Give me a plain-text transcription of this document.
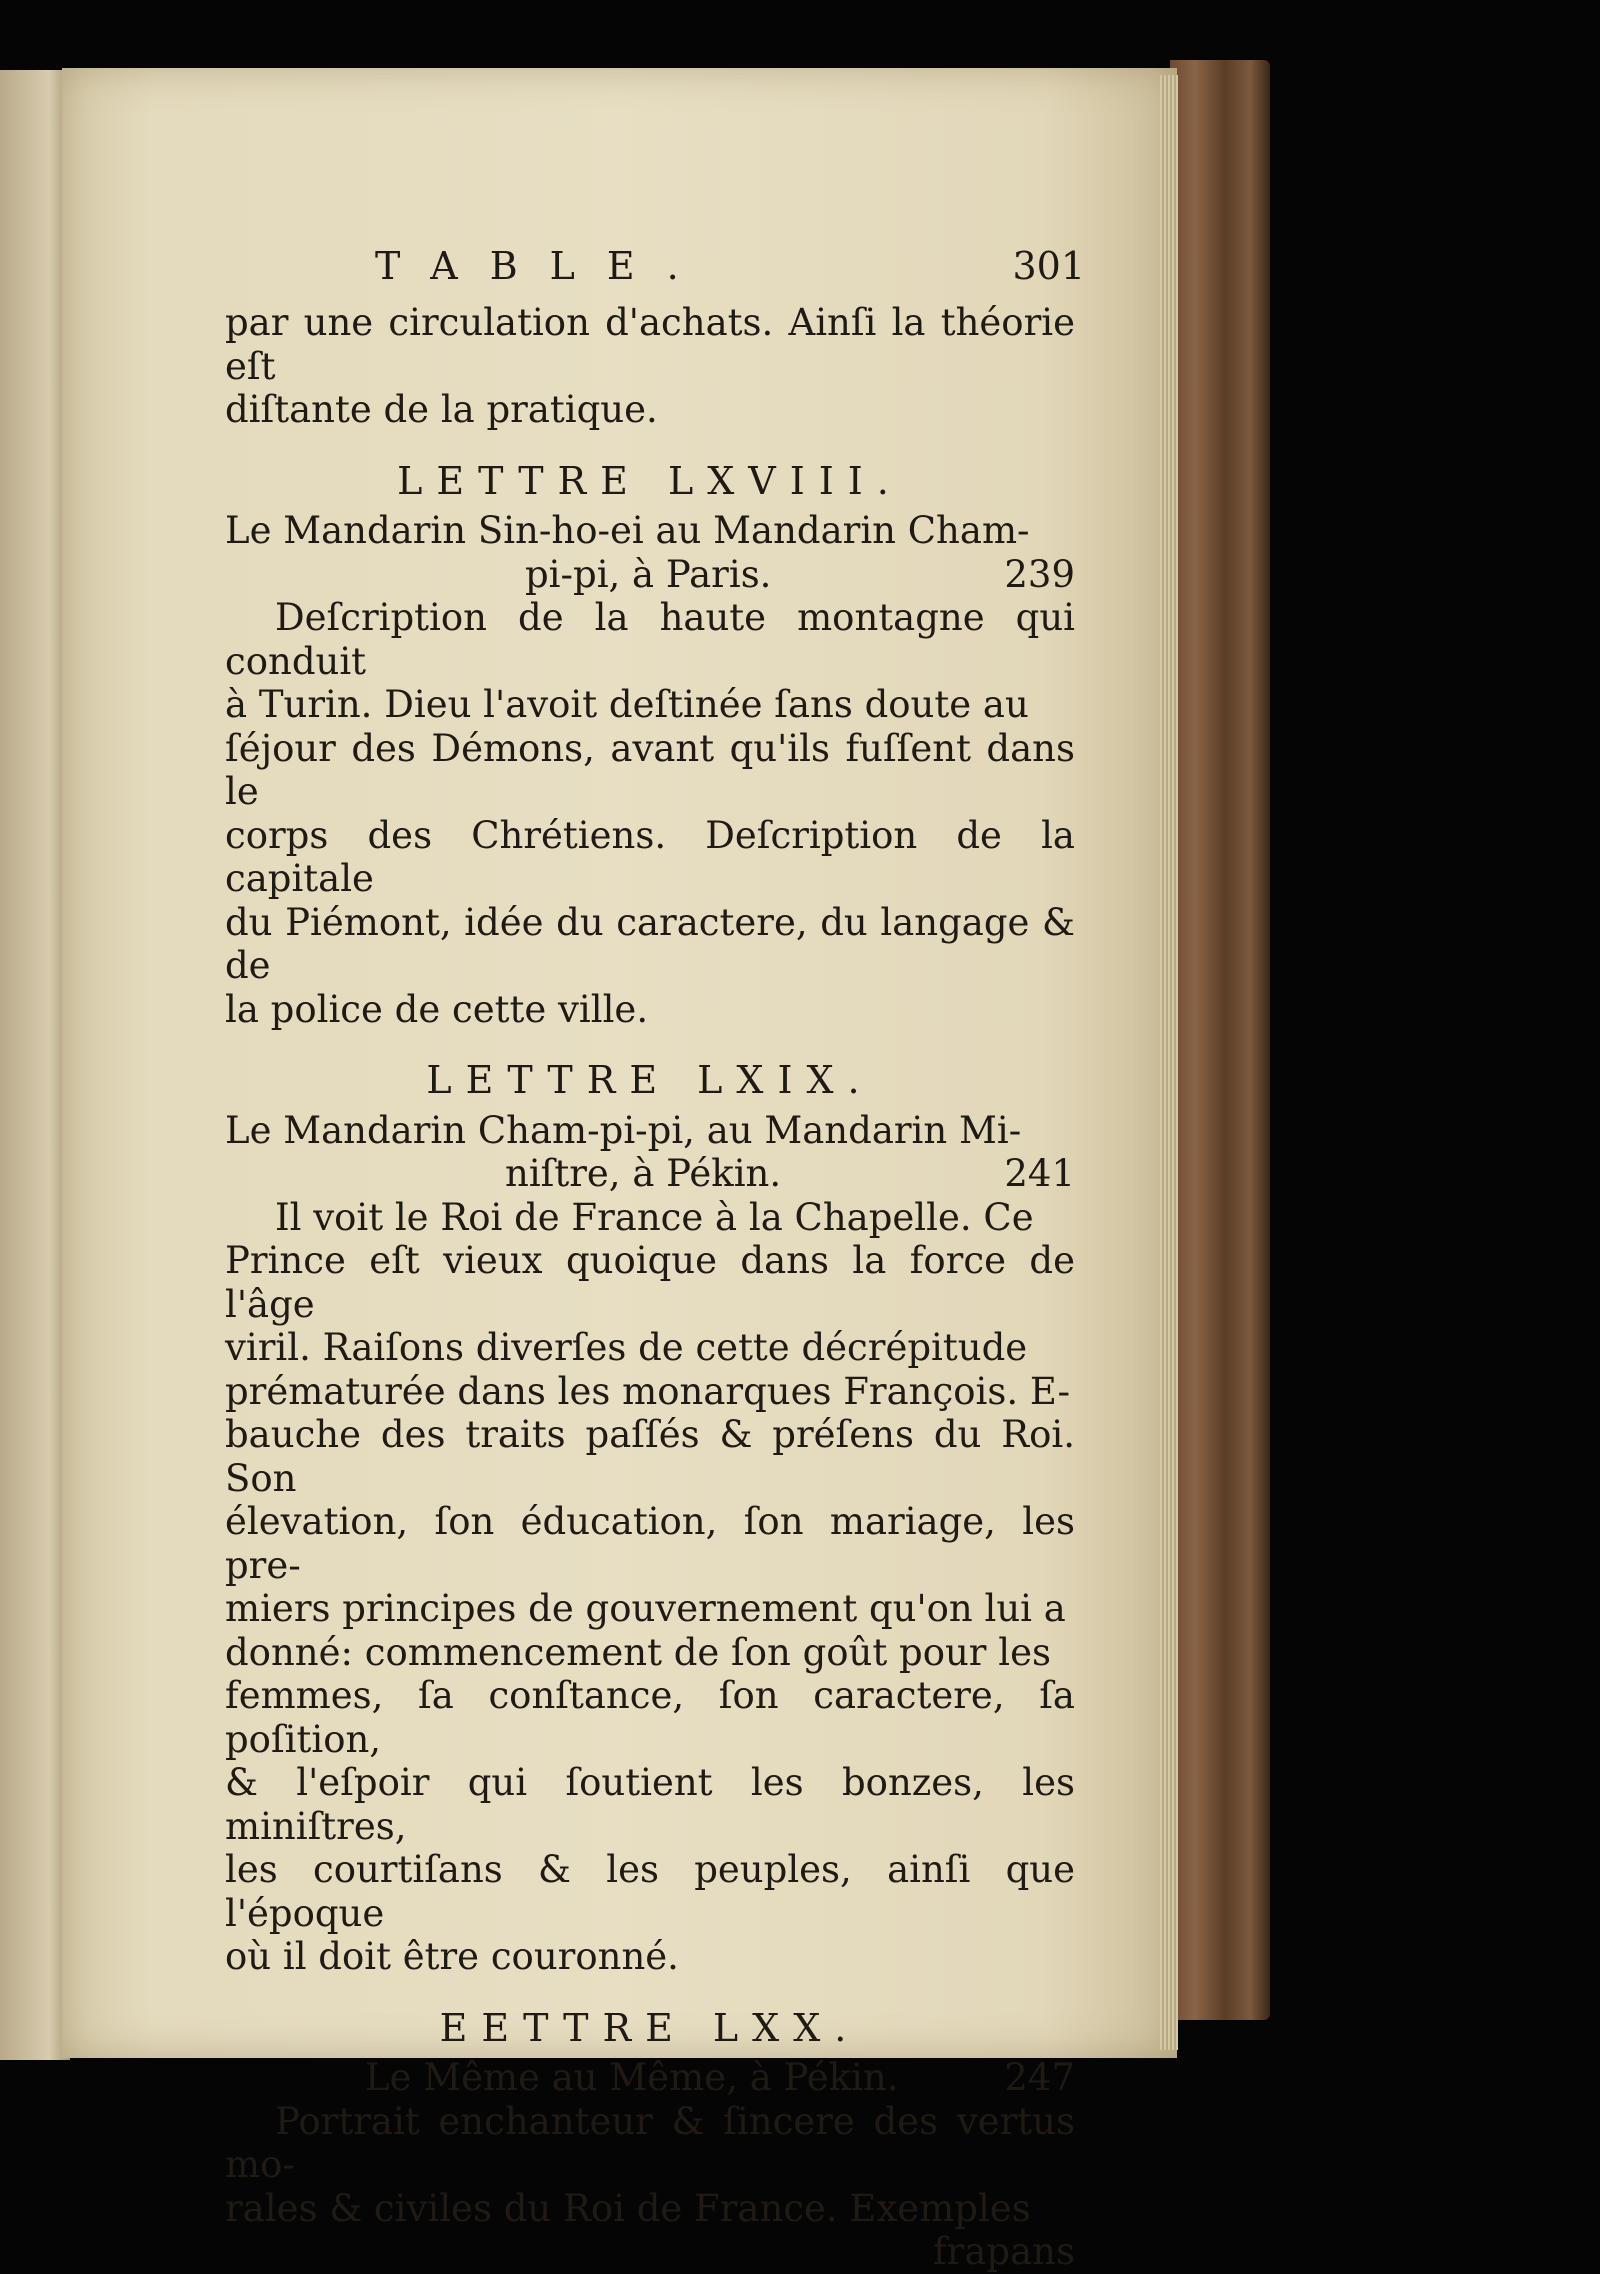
TABLE.	301

par une circulation d'achats. Ainſi la théorie eſt

diſtante de la pratique.

LETTRE LXVIII.

Le Mandarin Sin-ho-ei au Mandarin Cham-

pi-pi, à Paris.	239

Deſcription de la haute montagne qui conduit

à Turin. Dieu l'avoit deſtinée ſans doute au

ſéjour des Démons, avant qu'ils fuſſent dans le

corps des Chrétiens. Deſcription de la capitale

du Piémont, idée du caractere, du langage & de

la police de cette ville.

LETTRE LXIX.

Le Mandarin Cham-pi-pi, au Mandarin Mi-

niſtre, à Pékin.	241

Il voit le Roi de France à la Chapelle. Ce

Prince eſt vieux quoique dans la force de l'âge

viril. Raiſons diverſes de cette décrépitude

prématurée dans les monarques François. E-

bauche des traits paſſés & préſens du Roi. Son

élevation, ſon éducation, ſon mariage, les pre-

miers principes de gouvernement qu'on lui a

donné: commencement de ſon goût pour les

femmes, ſa conſtance, ſon caractere, ſa poſition,

& l'eſpoir qui ſoutient les bonzes, les miniſtres,

les courtiſans & les peuples, ainſi que l'époque

où il doit être couronné.

EETTRE LXX.
Le Même au Même, à Pékin.	247

Portrait enchanteur & ſincere des vertus mo-

rales & civiles du Roi de France. Exemples

frapans
